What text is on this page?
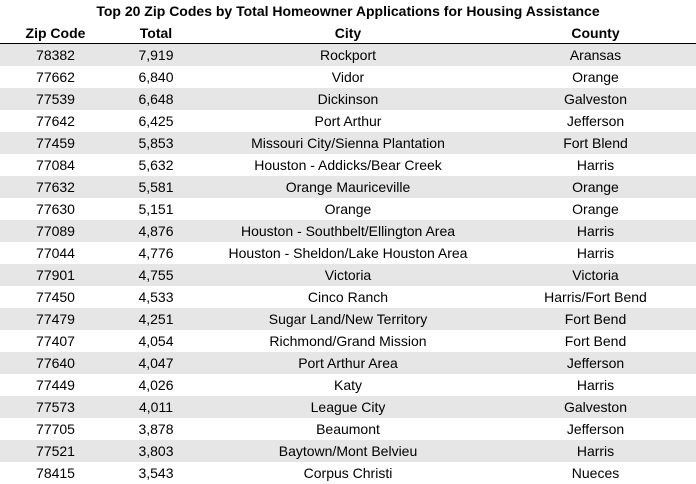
Top 20 Zip Codes by Total Homeowner Applications for Housing Assistance
Zip Code	Total	City	County
78382	7,919	Rockport	Aransas
77662	6,840	Vidor	Orange
77539	6,648	Dickinson	Galveston
77642	6,425	Port Arthur	Jefferson
77459	5,853	Missouri City/Sienna Plantation	Fort Blend
77084	5,632	Houston - Addicks/Bear Creek	Harris
77632	5,581	Orange Mauriceville	Orange
77630	5,151	Orange	Orange
77089	4,876	Houston - Southbelt/Ellington Area	Harris
77044	4,776	Houston - Sheldon/Lake Houston Area	Harris
77901	4,755	Victoria	Victoria
77450	4,533	Cinco Ranch	Harris/Fort Bend
77479	4,251	Sugar Land/New Territory	Fort Bend
77407	4,054	Richmond/Grand Mission	Fort Bend
77640	4,047	Port Arthur Area	Jefferson
77449	4,026	Katy	Harris
77573	4,011	League City	Galveston
77705	3,878	Beaumont	Jefferson
77521	3,803	Baytown/Mont Belvieu	Harris
78415	3,543	Corpus Christi	Nueces
